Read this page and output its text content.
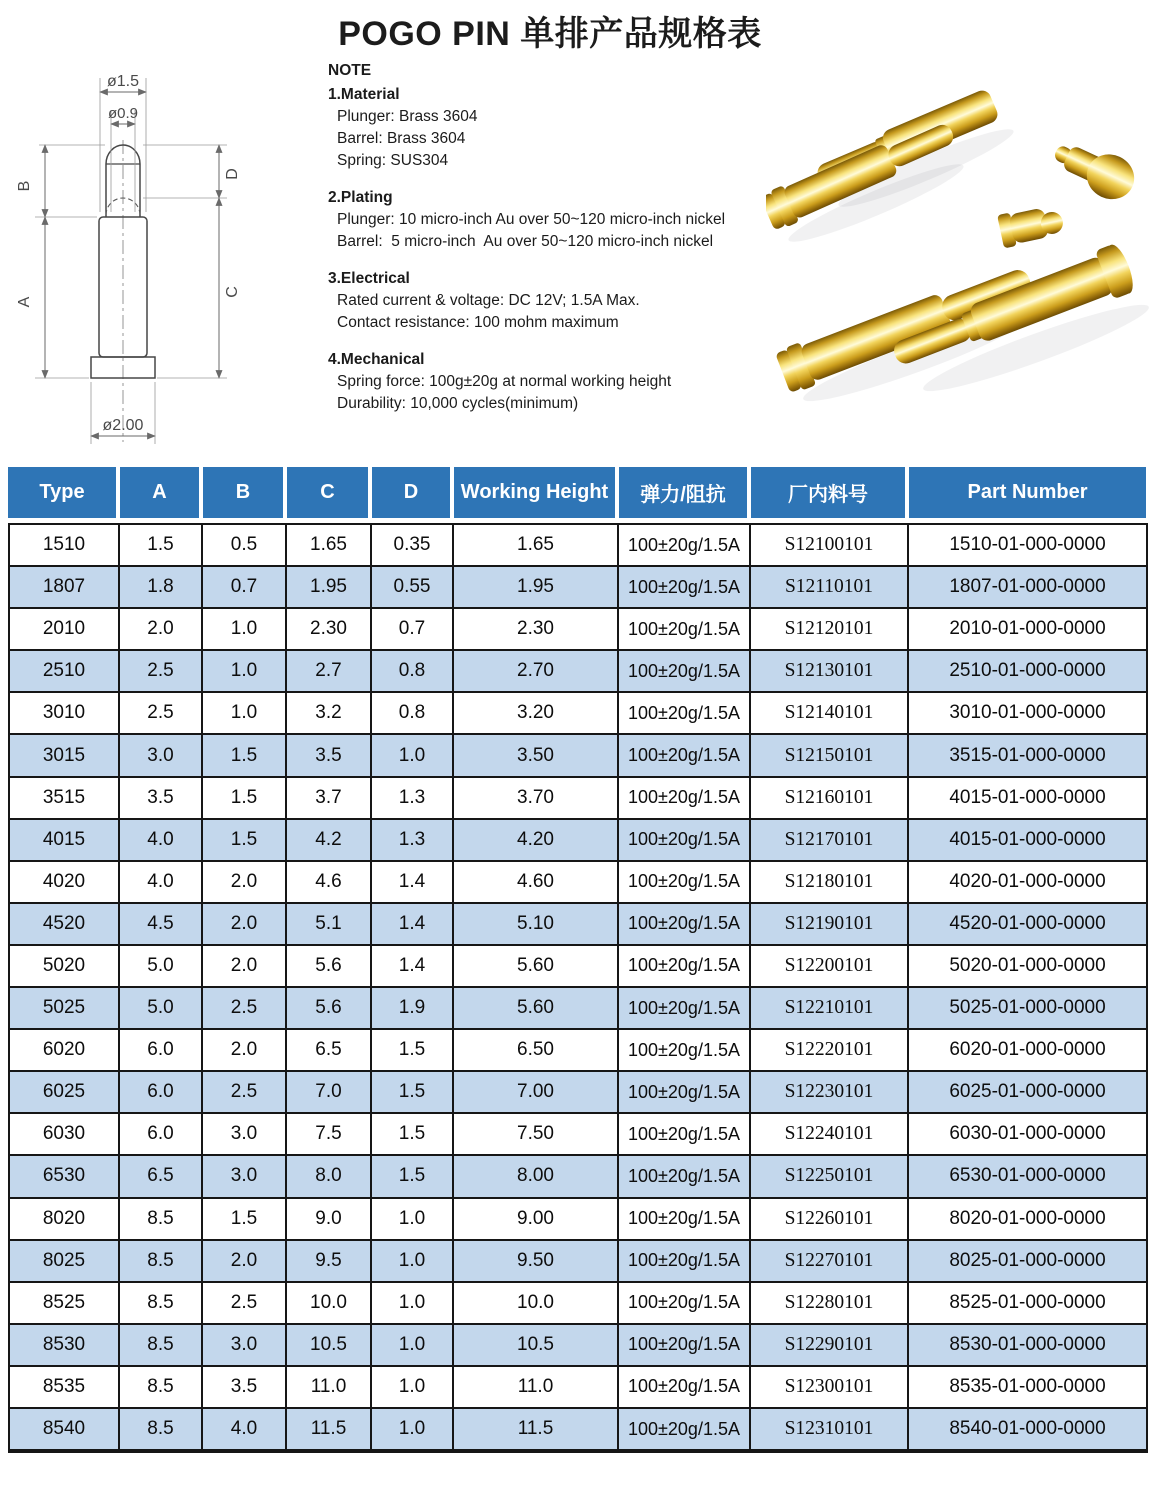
POGO PIN 单排产品规格表
ø1.5
ø0.9
B
A
D
C
ø2.00
NOTE
1.Material
Plunger: Brass 3604
Barrel: Brass 3604
Spring: SUS304
2.Plating
Plunger: 10 micro-inch Au over 50~120 micro-inch nickel
Barrel:  5 micro-inch  Au over 50~120 micro-inch nickel
3.Electrical
Rated current & voltage: DC 12V; 1.5A Max.
Contact resistance: 100 mohm maximum
4.Mechanical
Spring force: 100g±20g at normal working height
Durability: 10,000 cycles(minimum)
Type	A	B	C	D	Working Height	弹力/阻抗	厂内料号	Part Number
1510	1.5	0.5	1.65	0.35	1.65	100±20g/1.5A	S12100101	1510-01-000-0000
1807	1.8	0.7	1.95	0.55	1.95	100±20g/1.5A	S12110101	1807-01-000-0000
2010	2.0	1.0	2.30	0.7	2.30	100±20g/1.5A	S12120101	2010-01-000-0000
2510	2.5	1.0	2.7	0.8	2.70	100±20g/1.5A	S12130101	2510-01-000-0000
3010	2.5	1.0	3.2	0.8	3.20	100±20g/1.5A	S12140101	3010-01-000-0000
3015	3.0	1.5	3.5	1.0	3.50	100±20g/1.5A	S12150101	3515-01-000-0000
3515	3.5	1.5	3.7	1.3	3.70	100±20g/1.5A	S12160101	4015-01-000-0000
4015	4.0	1.5	4.2	1.3	4.20	100±20g/1.5A	S12170101	4015-01-000-0000
4020	4.0	2.0	4.6	1.4	4.60	100±20g/1.5A	S12180101	4020-01-000-0000
4520	4.5	2.0	5.1	1.4	5.10	100±20g/1.5A	S12190101	4520-01-000-0000
5020	5.0	2.0	5.6	1.4	5.60	100±20g/1.5A	S12200101	5020-01-000-0000
5025	5.0	2.5	5.6	1.9	5.60	100±20g/1.5A	S12210101	5025-01-000-0000
6020	6.0	2.0	6.5	1.5	6.50	100±20g/1.5A	S12220101	6020-01-000-0000
6025	6.0	2.5	7.0	1.5	7.00	100±20g/1.5A	S12230101	6025-01-000-0000
6030	6.0	3.0	7.5	1.5	7.50	100±20g/1.5A	S12240101	6030-01-000-0000
6530	6.5	3.0	8.0	1.5	8.00	100±20g/1.5A	S12250101	6530-01-000-0000
8020	8.5	1.5	9.0	1.0	9.00	100±20g/1.5A	S12260101	8020-01-000-0000
8025	8.5	2.0	9.5	1.0	9.50	100±20g/1.5A	S12270101	8025-01-000-0000
8525	8.5	2.5	10.0	1.0	10.0	100±20g/1.5A	S12280101	8525-01-000-0000
8530	8.5	3.0	10.5	1.0	10.5	100±20g/1.5A	S12290101	8530-01-000-0000
8535	8.5	3.5	11.0	1.0	11.0	100±20g/1.5A	S12300101	8535-01-000-0000
8540	8.5	4.0	11.5	1.0	11.5	100±20g/1.5A	S12310101	8540-01-000-0000
